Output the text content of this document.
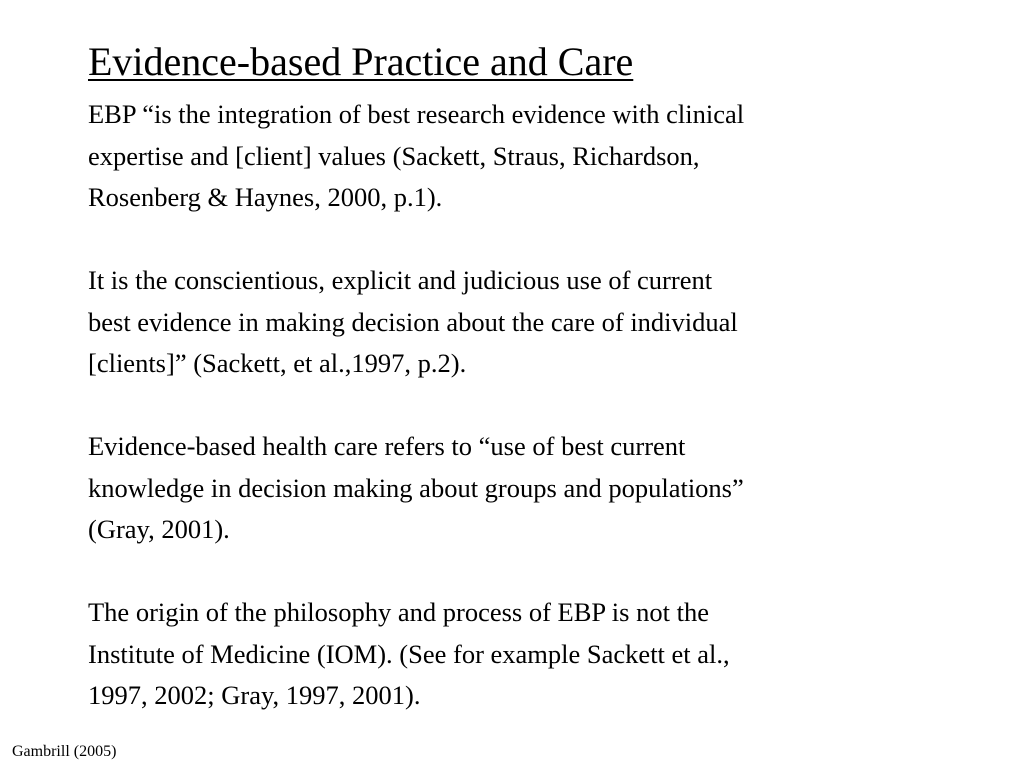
Evidence-based Practice and Care

EBP “is the integration of best research evidence with clinical
expertise and [client] values (Sackett, Straus, Richardson,
Rosenberg & Haynes, 2000, p.1).

It is the conscientious, explicit and judicious use of current
best evidence in making decision about the care of individual
[clients]” (Sackett, et al.,1997, p.2).

Evidence-based health care refers to “use of best current
knowledge in decision making about groups and populations”
(Gray, 2001).

The origin of the philosophy and process of EBP is not the
Institute of Medicine (IOM). (See for example Sackett et al.,
1997, 2002; Gray, 1997, 2001).

Gambrill (2005)
